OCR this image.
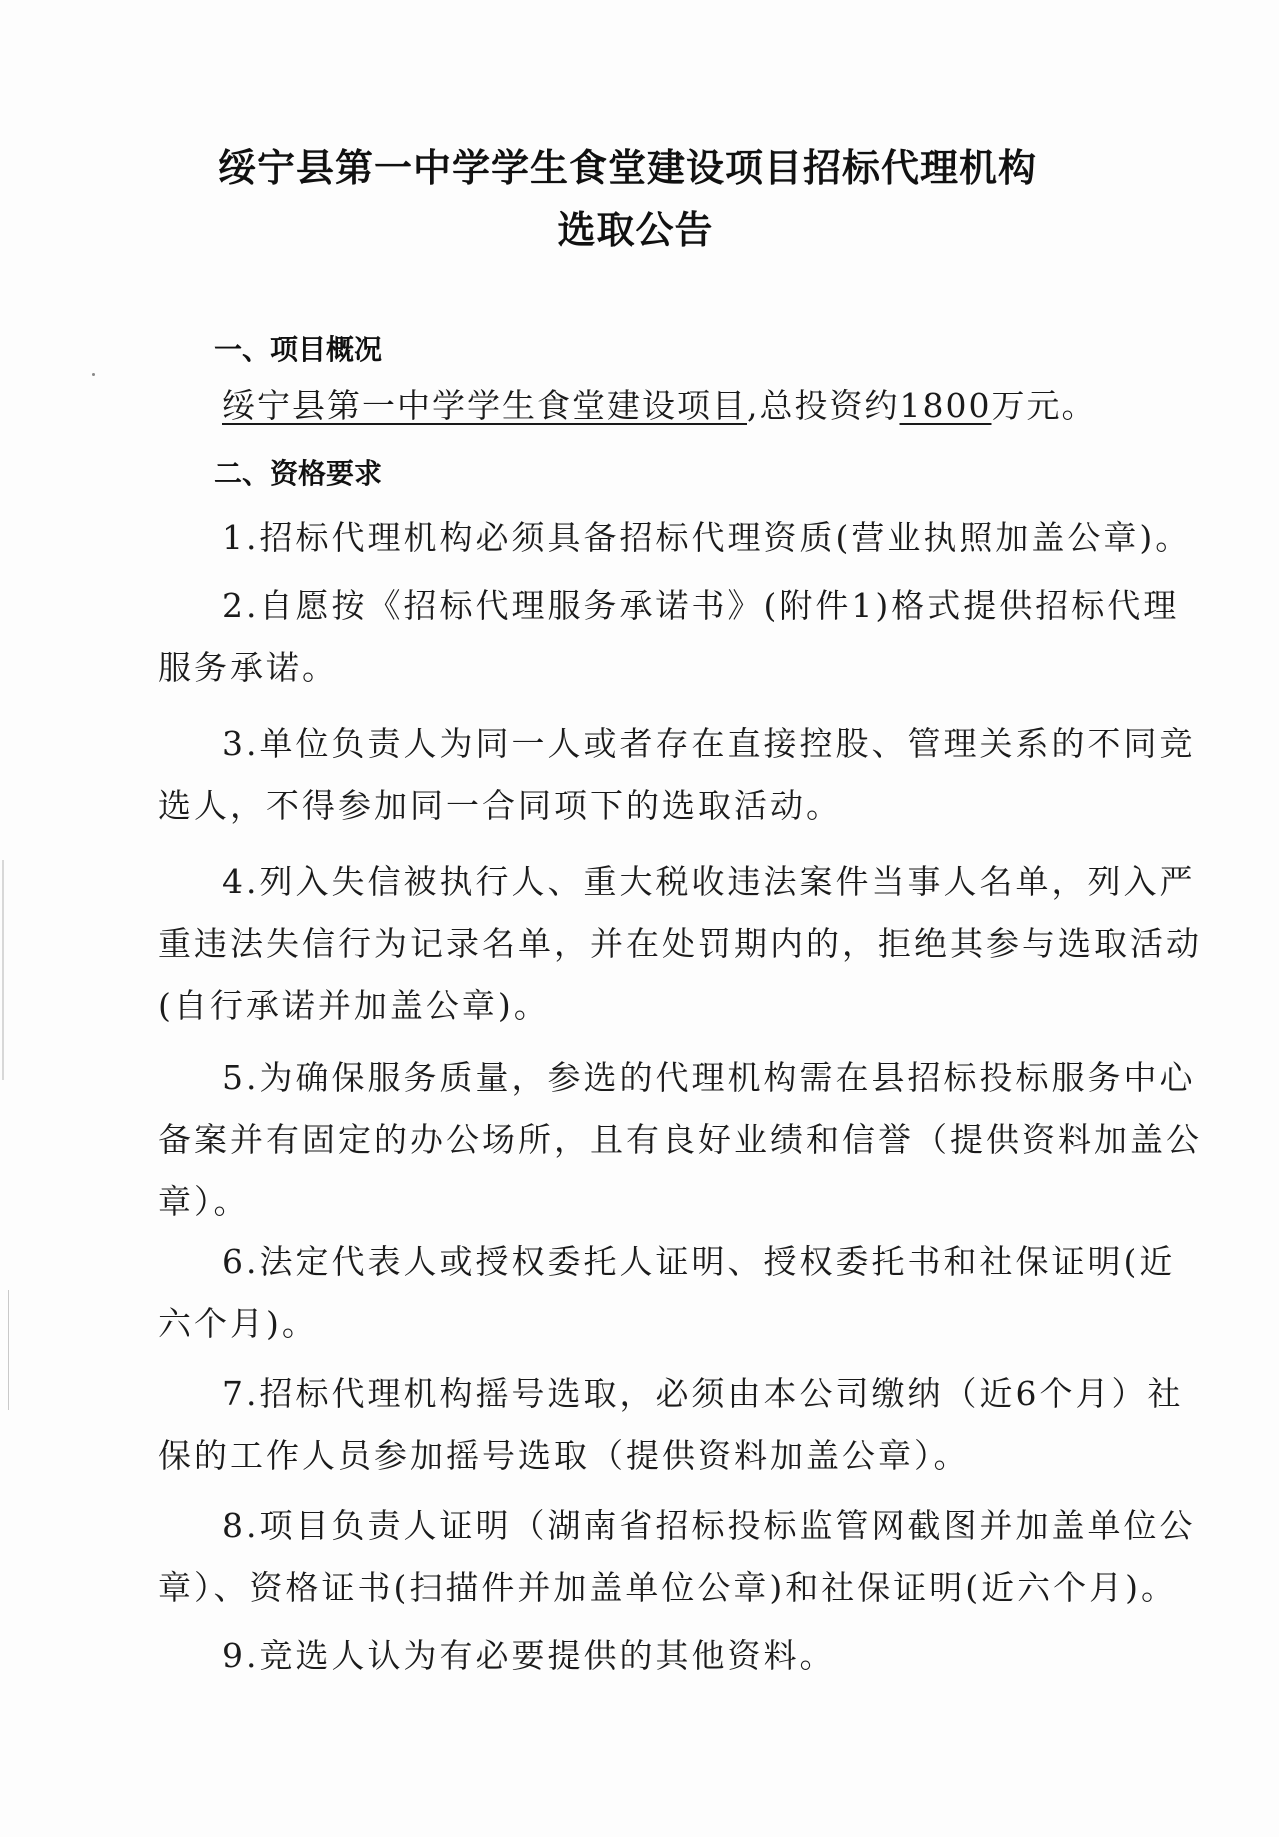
绥宁县第一中学学生食堂建设项目招标代理机构
选取公告
一、项目概况
绥宁县第一中学学生食堂建设项目,总投资约1800万元。
二、资格要求
1.招标代理机构必须具备招标代理资质(营业执照加盖公章)。
2.自愿按《招标代理服务承诺书》(附件1)格式提供招标代理
服务承诺。
3.单位负责人为同一人或者存在直接控股、管理关系的不同竞
选人，不得参加同一合同项下的选取活动。
4.列入失信被执行人、重大税收违法案件当事人名单，列入严
重违法失信行为记录名单，并在处罚期内的，拒绝其参与选取活动
(自行承诺并加盖公章)。
5.为确保服务质量，参选的代理机构需在县招标投标服务中心
备案并有固定的办公场所，且有良好业绩和信誉（提供资料加盖公
章）。
6.法定代表人或授权委托人证明、授权委托书和社保证明(近
六个月)。
7.招标代理机构摇号选取，必须由本公司缴纳（近6个月）社
保的工作人员参加摇号选取（提供资料加盖公章）。
8.项目负责人证明（湖南省招标投标监管网截图并加盖单位公
章）、资格证书(扫描件并加盖单位公章)和社保证明(近六个月)。
9.竞选人认为有必要提供的其他资料。
